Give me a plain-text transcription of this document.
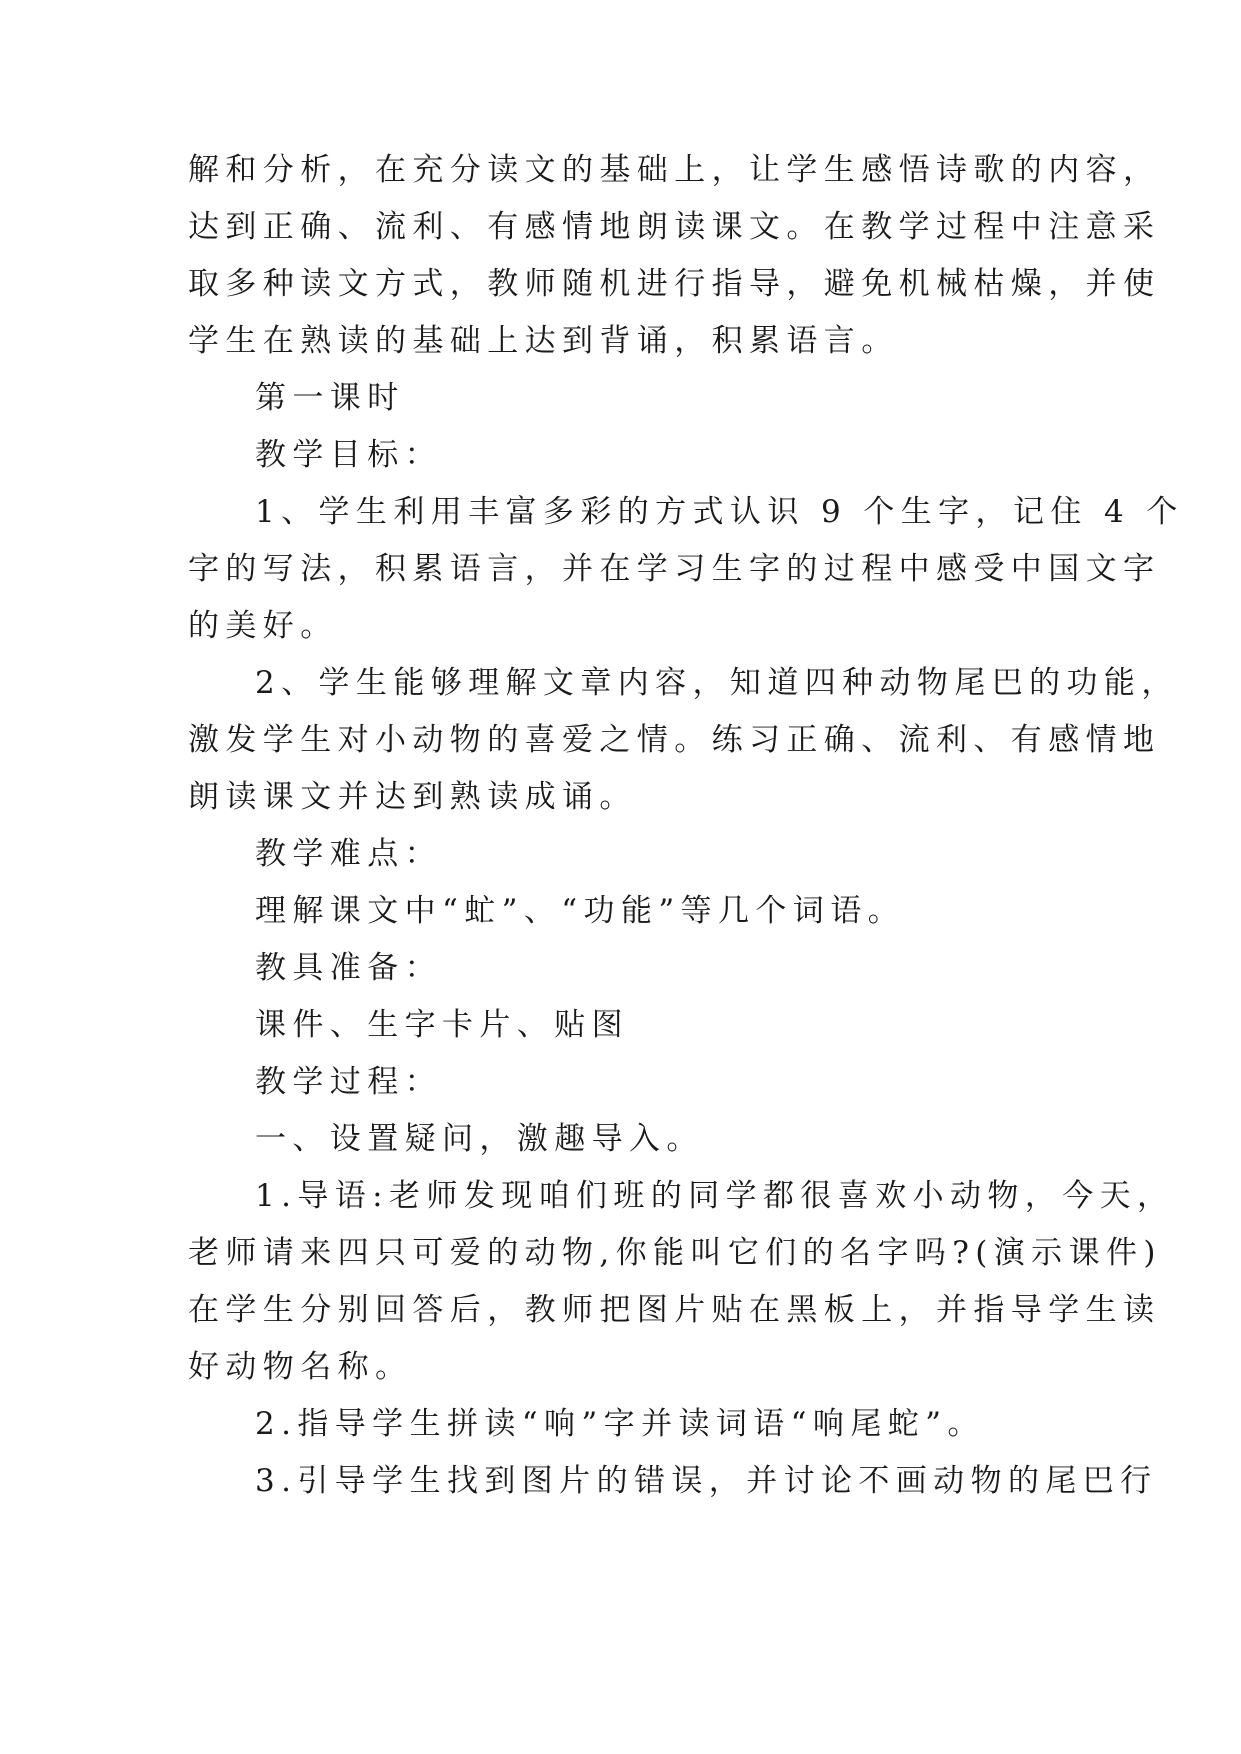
解和分析，在充分读文的基础上，让学生感悟诗歌的内容，
达到正确、流利、有感情地朗读课文。在教学过程中注意采
取多种读文方式，教师随机进行指导，避免机械枯燥，并使
学生在熟读的基础上达到背诵，积累语言。
第一课时
教学目标：
1、学生利用丰富多彩的方式认识 9 个生字，记住 4 个
字的写法，积累语言，并在学习生字的过程中感受中国文字
的美好。
2、学生能够理解文章内容，知道四种动物尾巴的功能，
激发学生对小动物的喜爱之情。练习正确、流利、有感情地
朗读课文并达到熟读成诵。
教学难点：
理解课文中“虻”、“功能”等几个词语。
教具准备：
课件、生字卡片、贴图
教学过程：
一、设置疑问，激趣导入。
1.导语:老师发现咱们班的同学都很喜欢小动物，今天，
老师请来四只可爱的动物,你能叫它们的名字吗?(演示课件)
在学生分别回答后，教师把图片贴在黑板上，并指导学生读
好动物名称。
2.指导学生拼读“响”字并读词语“响尾蛇”。
3.引导学生找到图片的错误，并讨论不画动物的尾巴行
